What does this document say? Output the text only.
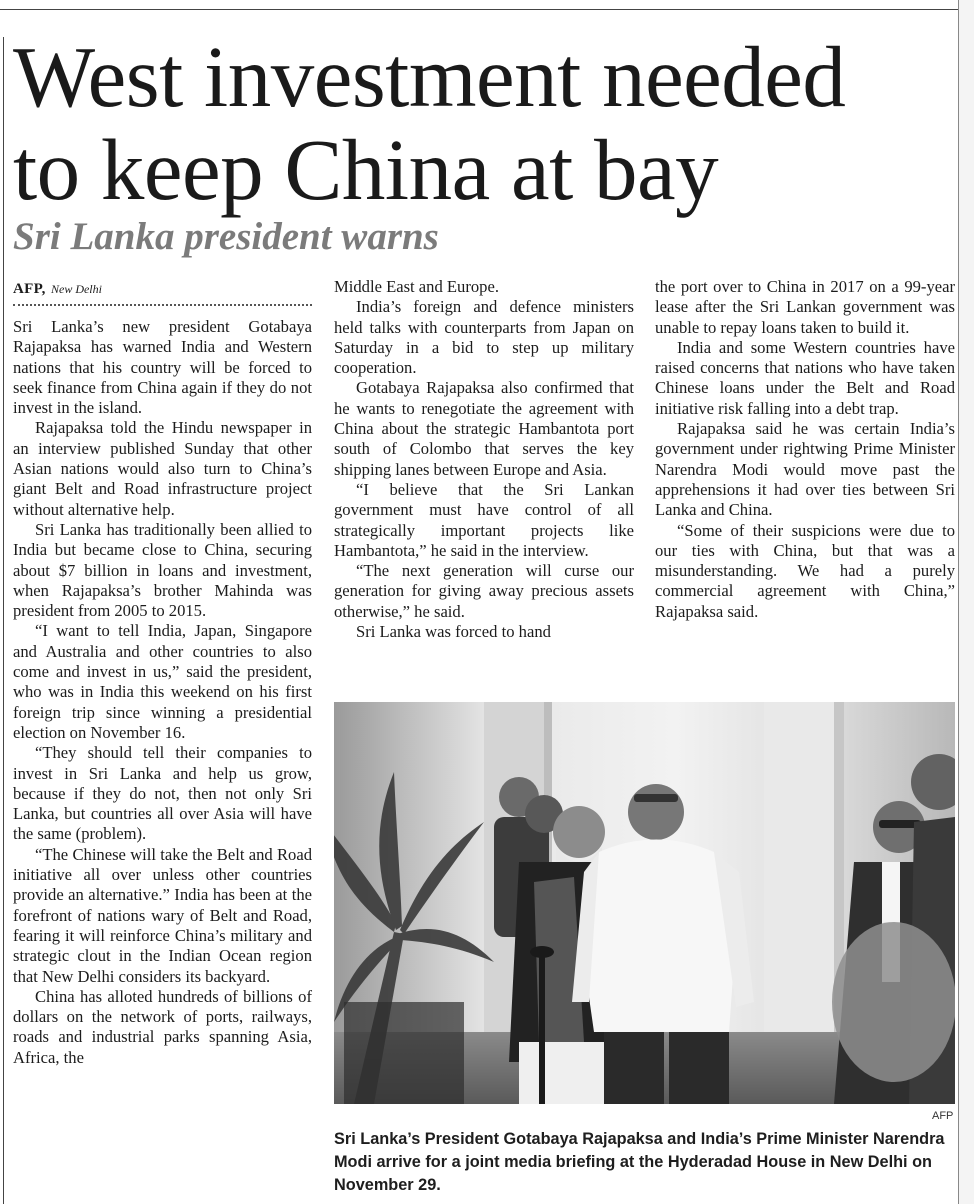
West investment needed
to keep China at bay
Sri Lanka president warns
AFP, New Delhi

Sri Lanka’s new president Gotabaya Rajapaksa has warned India and Western nations that his country will be forced to seek finance from China again if they do not invest in the island.

Rajapaksa told the Hindu newspaper in an interview published Sunday that other Asian nations would also turn to China’s giant Belt and Road infrastructure project without alternative help.

Sri Lanka has traditionally been allied to India but became close to China, securing about $7 billion in loans and investment, when Rajapaksa’s brother Mahinda was president from 2005 to 2015.

“I want to tell India, Japan, Singapore and Australia and other countries to also come and invest in us,” said the president, who was in India this weekend on his first foreign trip since winning a presidential election on November 16.

“They should tell their companies to invest in Sri Lanka and help us grow, because if they do not, then not only Sri Lanka, but countries all over Asia will have the same (problem).

“The Chinese will take the Belt and Road initiative all over unless other countries provide an alternative.” India has been at the forefront of nations wary of Belt and Road, fearing it will reinforce China’s military and strategic clout in the Indian Ocean region that New Delhi considers its backyard.

China has alloted hundreds of billions of dollars on the network of ports, railways, roads and industrial parks spanning Asia, Africa, the

Middle East and Europe.

India’s foreign and defence ministers held talks with counterparts from Japan on Saturday in a bid to step up military cooperation.

Gotabaya Rajapaksa also confirmed that he wants to renegotiate the agreement with China about the strategic Hambantota port south of Colombo that serves the key shipping lanes between Europe and Asia.

“I believe that the Sri Lankan government must have control of all strategically important projects like Hambantota,” he said in the interview.

“The next generation will curse our generation for giving away precious assets otherwise,” he said.

Sri Lanka was forced to hand

the port over to China in 2017 on a 99-year lease after the Sri Lankan government was unable to repay loans taken to build it.

India and some Western countries have raised concerns that nations who have taken Chinese loans under the Belt and Road initiative risk falling into a debt trap.

Rajapaksa said he was certain India’s government under rightwing Prime Minister Narendra Modi would move past the apprehensions it had over ties between Sri Lanka and China.

“Some of their suspicions were due to our ties with China, but that was a misunderstanding. We had a purely commercial agreement with China,” Rajapaksa said.

AFP
Sri Lanka’s President Gotabaya Rajapaksa and India’s Prime Minister Narendra Modi arrive for a joint media briefing at the Hyderadad House in New Delhi on November 29.
